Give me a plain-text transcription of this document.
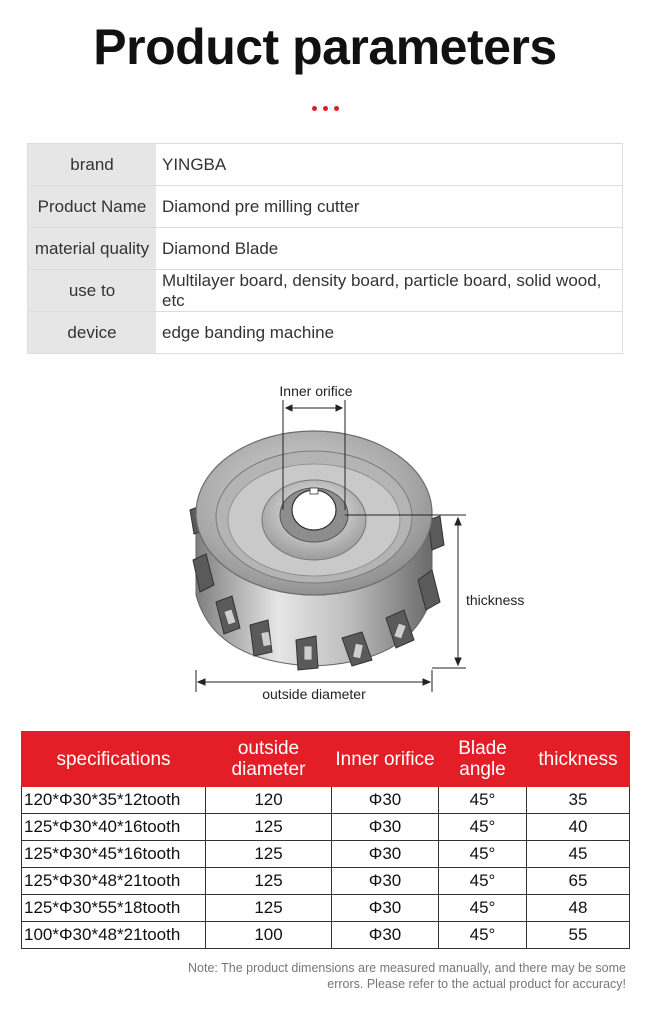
Product parameters
brand	YINGBA
Product Name	Diamond pre milling cutter
material quality	Diamond Blade
use to	Multilayer board, density board, particle board, solid wood, etc
device	edge banding machine
Inner orifice
thickness
outside diameter
specifications	outside diameter	Inner orifice	Blade angle	thickness
120*Φ30*35*12tooth	120	Φ30	45°	35
125*Φ30*40*16tooth	125	Φ30	45°	40
125*Φ30*45*16tooth	125	Φ30	45°	45
125*Φ30*48*21tooth	125	Φ30	45°	65
125*Φ30*55*18tooth	125	Φ30	45°	48
100*Φ30*48*21tooth	100	Φ30	45°	55
Note: The product dimensions are measured manually, and there may be some errors. Please refer to the actual product for accuracy!
